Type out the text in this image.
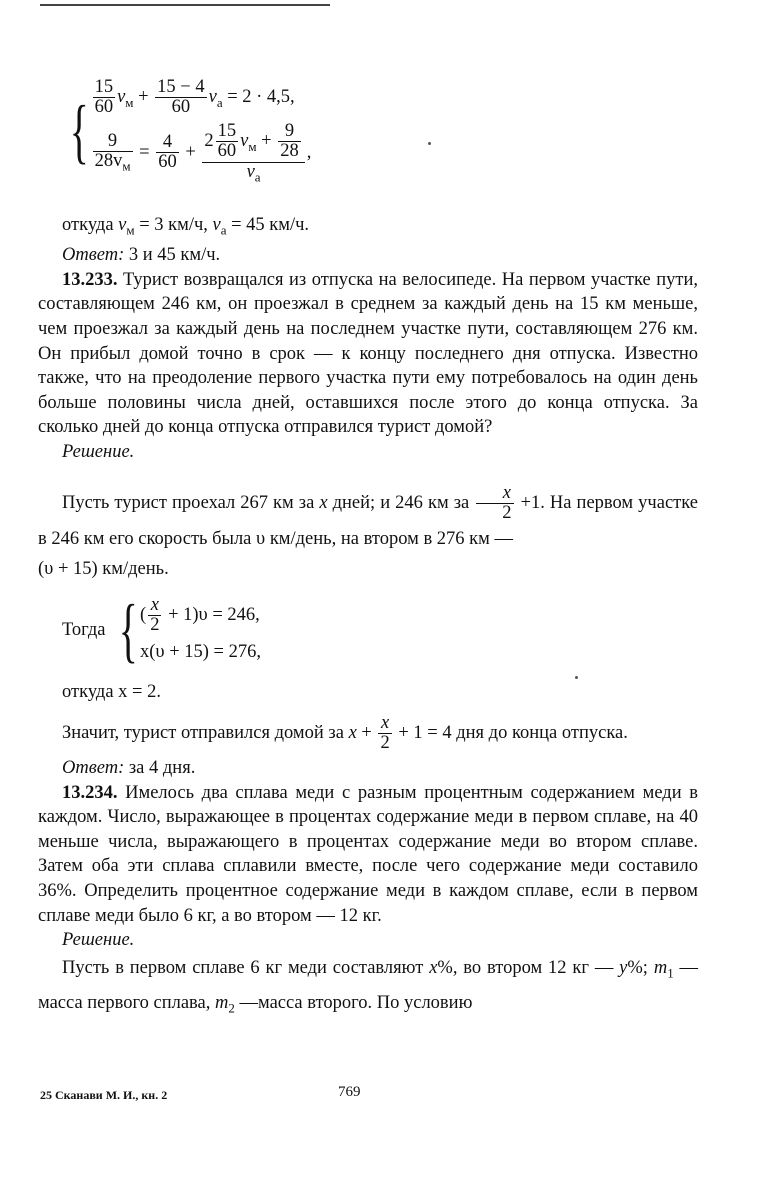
{ $\frac{15}{60} v_м + \frac{15 - 4}{60} v_а = 2 \cdot 4,5$,
$\frac{9}{28v_м} = \frac{4}{60} + \frac{2 \frac{15}{60} v_м + \frac{9}{28}}{v_а}$ ,
откуда $v_м = 3$ км/ч, $v_а = 45$ км/ч.
Ответ: 3 и 45 км/ч.
13.233. Турист возвращался из отпуска на велосипеде. На первом участке пути, составляющем 246 км, он проезжал в среднем за каждый день на 15 км меньше, чем проезжал за каждый день на последнем участке пути, составляющем 276 км. Он прибыл домой точно в срок — к концу последнего дня отпуска. Известно также, что на преодоление первого участка пути ему потребовалось на один день больше половины числа дней, оставшихся после этого до конца отпуска. За сколько дней до конца отпуска отправился турист домой?
Решение.
Пусть турист проехал 267 км за x дней; и 246 км за $\frac{x}{2} +1$. На первом участке в 246 км его скорость была υ км/день, на втором в 276 км —
(υ + 15) км/день.
Тогда { ( $\frac{x}{2} + 1)\upsilon = 246$,
x(υ + 15) = 276,
откуда x = 2.
Значит, турист отправился домой за $x + \frac{x}{2} + 1 = 4$ дня до конца отпуска.
Ответ: за 4 дня.
13.234. Имелось два сплава меди с разным процентным содержанием меди в каждом. Число, выражающее в процентах содержание меди в первом сплаве, на 40 меньше числа, выражающего в процентах содержание меди во втором сплаве. Затем оба эти сплава сплавили вместе, после чего содержание меди составило 36%. Определить процентное содержание меди в каждом сплаве, если в первом сплаве меди было 6 кг, а во втором — 12 кг.
Решение.
Пусть в первом сплаве 6 кг меди составляют x%, во втором 12 кг — y%; $m_1$ — масса первого сплава, $m_2$ —масса второго. По условию
25 Сканави М. И., кн. 2	769
